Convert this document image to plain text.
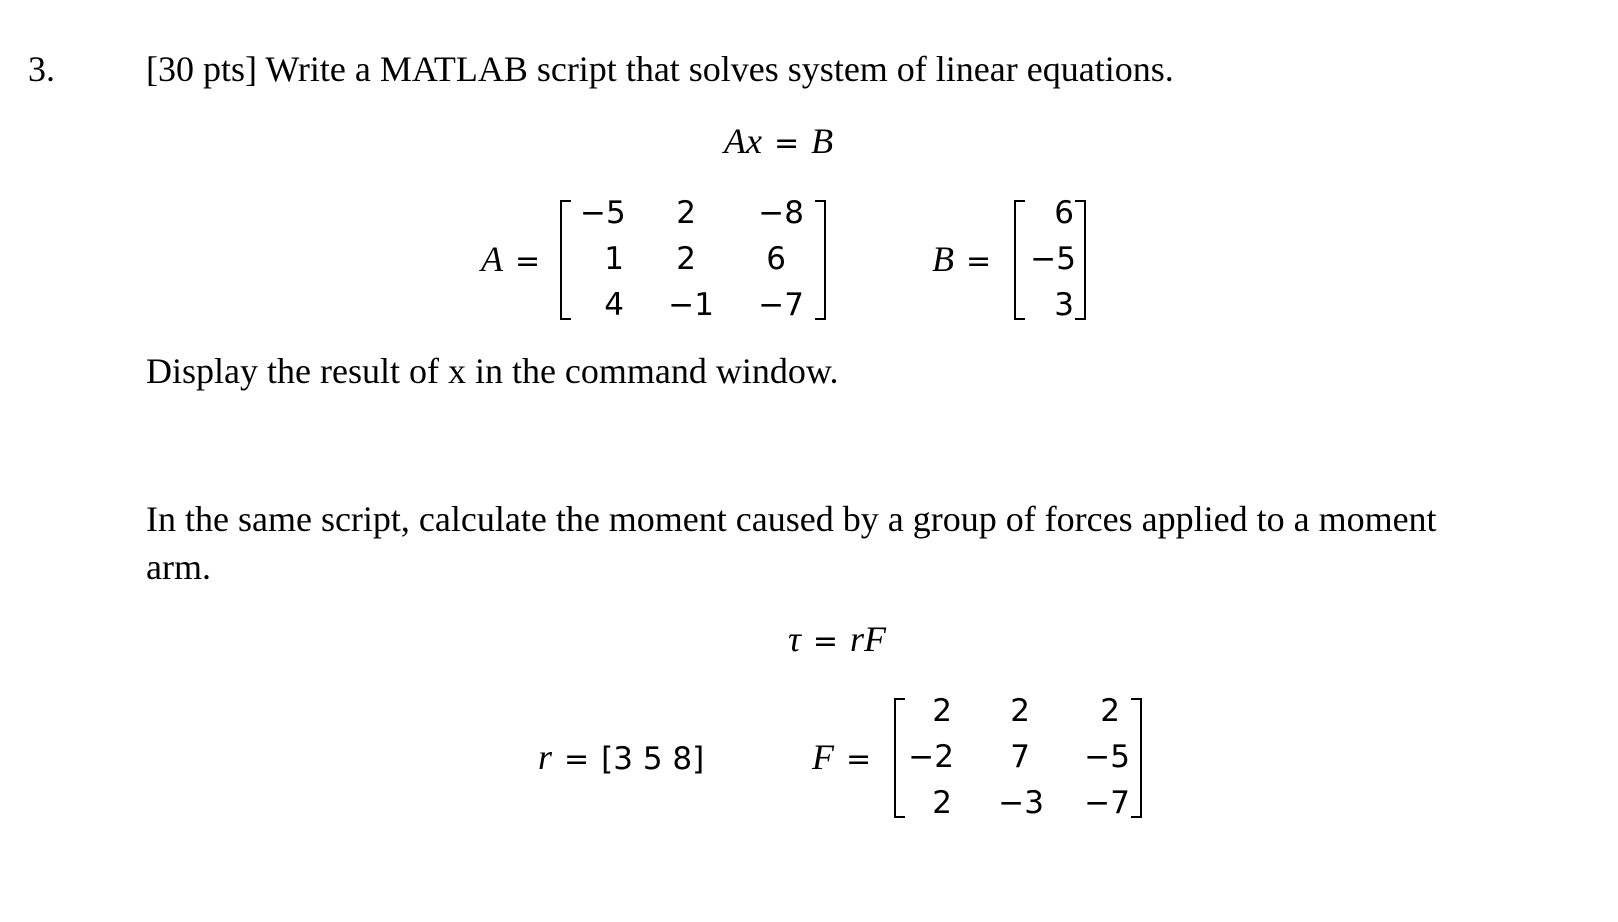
3.	[30 pts] Write a MATLAB script that solves system of linear equations.
Ax = B
A =
−5	2	−8
1	2	6
4	−1	−7
B =
6
−5
3
Display the result of x in the command window.
In the same script, calculate the moment caused by a group of forces applied to a moment
arm.
τ = rF
r = [3 5 8]	F =
2	2	2
−2	7	−5
2	−3	−7
